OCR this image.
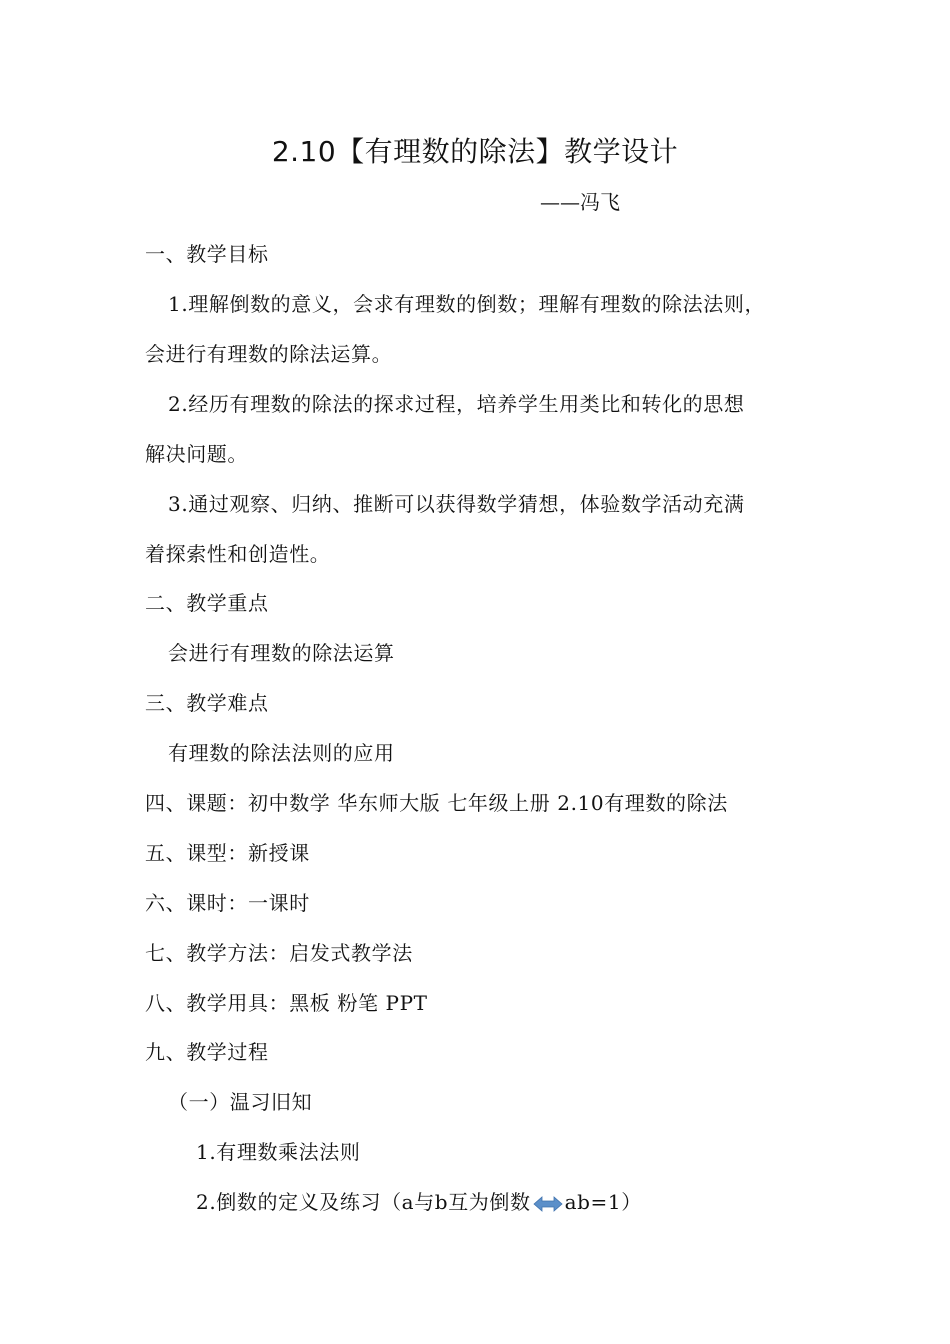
2.10【有理数的除法】教学设计
——冯飞
一、教学目标
1.理解倒数的意义，会求有理数的倒数；理解有理数的除法法则，
会进行有理数的除法运算。
2.经历有理数的除法的探求过程，培养学生用类比和转化的思想
解决问题。
3.通过观察、归纳、推断可以获得数学猜想，体验数学活动充满
着探索性和创造性。
二、教学重点
会进行有理数的除法运算
三、教学难点
有理数的除法法则的应用
四、课题：初中数学 华东师大版 七年级上册 2.10有理数的除法
五、课型：新授课
六、课时：一课时
七、教学方法：启发式教学法
八、教学用具：黑板 粉笔 PPT
九、教学过程
（一）温习旧知
1.有理数乘法法则
2.倒数的定义及练习（a与b互为倒数 ab=1）
